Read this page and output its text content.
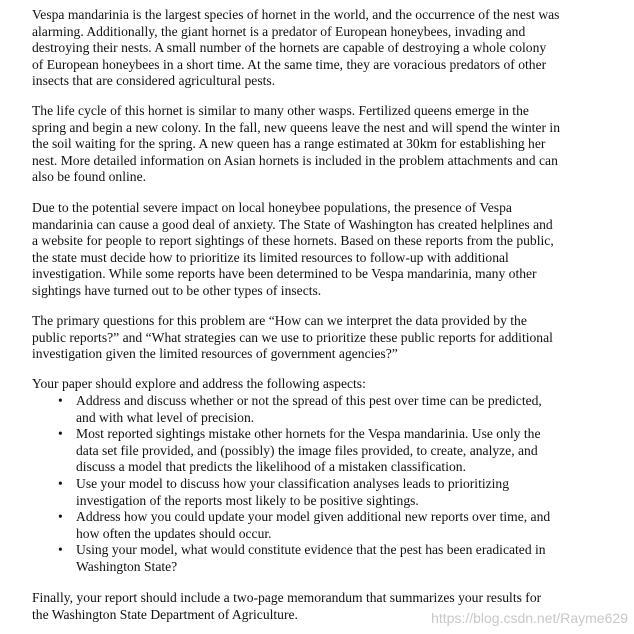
Vespa mandarinia is the largest species of hornet in the world, and the occurrence of the nest was
alarming. Additionally, the giant hornet is a predator of European honeybees, invading and
destroying their nests. A small number of the hornets are capable of destroying a whole colony
of European honeybees in a short time. At the same time, they are voracious predators of other
insects that are considered agricultural pests.
The life cycle of this hornet is similar to many other wasps. Fertilized queens emerge in the
spring and begin a new colony. In the fall, new queens leave the nest and will spend the winter in
the soil waiting for the spring. A new queen has a range estimated at 30km for establishing her
nest. More detailed information on Asian hornets is included in the problem attachments and can
also be found online.
Due to the potential severe impact on local honeybee populations, the presence of Vespa
mandarinia can cause a good deal of anxiety. The State of Washington has created helplines and
a website for people to report sightings of these hornets. Based on these reports from the public,
the state must decide how to prioritize its limited resources to follow-up with additional
investigation. While some reports have been determined to be Vespa mandarinia, many other
sightings have turned out to be other types of insects.
The primary questions for this problem are “How can we interpret the data provided by the
public reports?” and “What strategies can we use to prioritize these public reports for additional
investigation given the limited resources of government agencies?”
Your paper should explore and address the following aspects:
• Address and discuss whether or not the spread of this pest over time can be predicted,
and with what level of precision.
• Most reported sightings mistake other hornets for the Vespa mandarinia. Use only the
data set file provided, and (possibly) the image files provided, to create, analyze, and
discuss a model that predicts the likelihood of a mistaken classification.
• Use your model to discuss how your classification analyses leads to prioritizing
investigation of the reports most likely to be positive sightings.
• Address how you could update your model given additional new reports over time, and
how often the updates should occur.
• Using your model, what would constitute evidence that the pest has been eradicated in
Washington State?
Finally, your report should include a two-page memorandum that summarizes your results for
the Washington State Department of Agriculture.	https://blog.csdn.net/Rayme629
